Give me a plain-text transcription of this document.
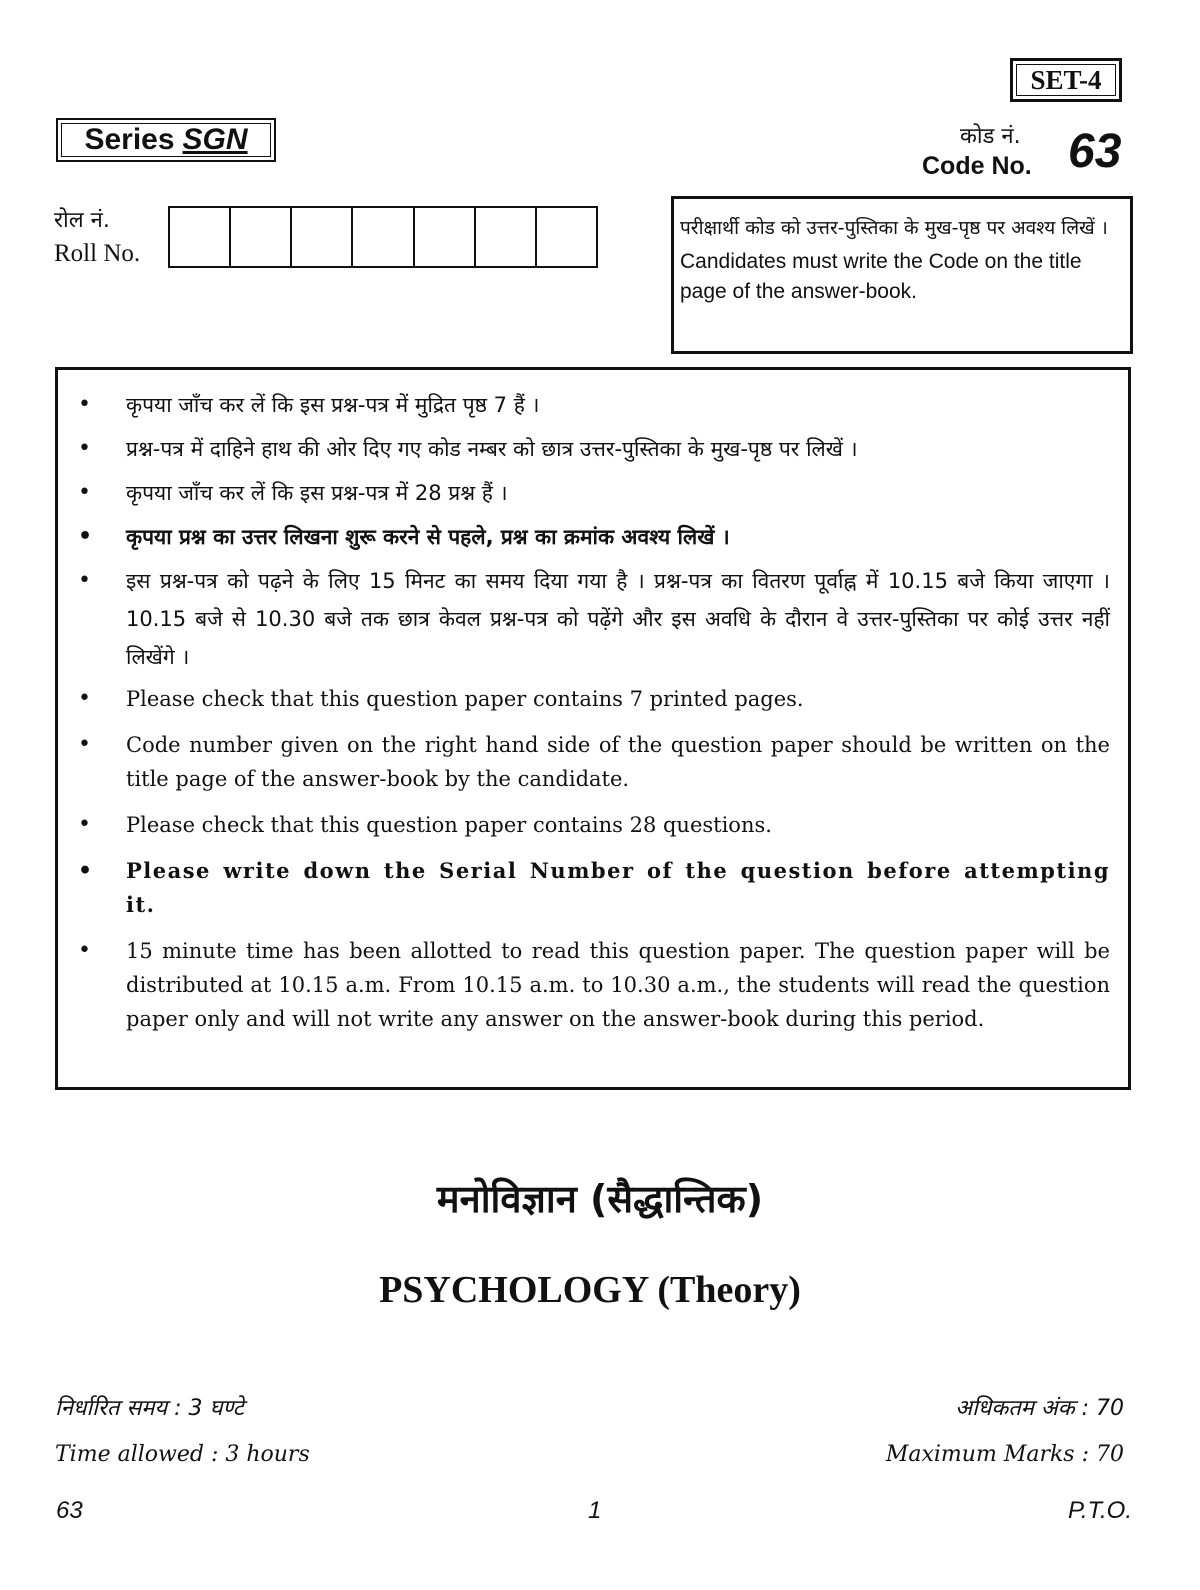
SET-4
Series SGN	कोड नं.
Code No. 63
रोल नं.
Roll No.
परीक्षार्थी कोड को उत्तर-पुस्तिका के मुख-पृष्ठ पर अवश्य लिखें ।
Candidates must write the Code on the title page of the answer-book.
• कृपया जाँच कर लें कि इस प्रश्न-पत्र में मुद्रित पृष्ठ 7 हैं ।
• प्रश्न-पत्र में दाहिने हाथ की ओर दिए गए कोड नम्बर को छात्र उत्तर-पुस्तिका के मुख-पृष्ठ पर लिखें ।
• कृपया जाँच कर लें कि इस प्रश्न-पत्र में 28 प्रश्न हैं ।
• कृपया प्रश्न का उत्तर लिखना शुरू करने से पहले, प्रश्न का क्रमांक अवश्य लिखें ।
• इस प्रश्न-पत्र को पढ़ने के लिए 15 मिनट का समय दिया गया है । प्रश्न-पत्र का वितरण पूर्वाह्न में 10.15 बजे किया जाएगा । 10.15 बजे से 10.30 बजे तक छात्र केवल प्रश्न-पत्र को पढ़ेंगे और इस अवधि के दौरान वे उत्तर-पुस्तिका पर कोई उत्तर नहीं लिखेंगे ।
• Please check that this question paper contains 7 printed pages.
• Code number given on the right hand side of the question paper should be written on the title page of the answer-book by the candidate.
• Please check that this question paper contains 28 questions.
• Please write down the Serial Number of the question before attempting it.
• 15 minute time has been allotted to read this question paper. The question paper will be distributed at 10.15 a.m. From 10.15 a.m. to 10.30 a.m., the students will read the question paper only and will not write any answer on the answer-book during this period.
मनोविज्ञान (सैद्धान्तिक)
PSYCHOLOGY (Theory)
निर्धारित समय : 3 घण्टे	अधिकतम अंक : 70
Time allowed : 3 hours	Maximum Marks : 70
63	1	P.T.O.
